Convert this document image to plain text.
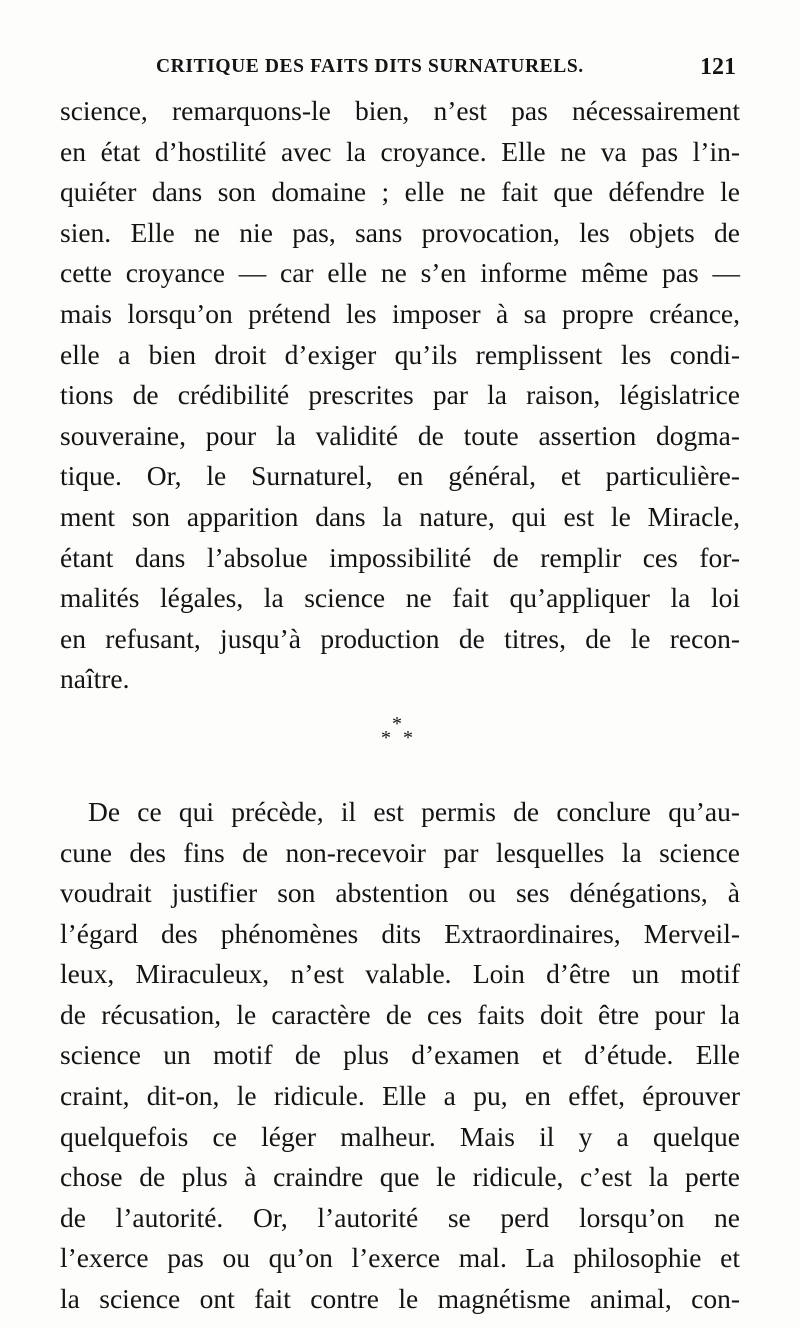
CRITIQUE DES FAITS DITS SURNATURELS.	121
science, remarquons-le bien, n’est pas nécessairement
en état d’hostilité avec la croyance. Elle ne va pas l’in-
quiéter dans son domaine ; elle ne fait que défendre le
sien. Elle ne nie pas, sans provocation, les objets de
cette croyance — car elle ne s’en informe même pas —
mais lorsqu’on prétend les imposer à sa propre créance,
elle a bien droit d’exiger qu’ils remplissent les condi-
tions de crédibilité prescrites par la raison, législatrice
souveraine, pour la validité de toute assertion dogma-
tique. Or, le Surnaturel, en général, et particulière-
ment son apparition dans la nature, qui est le Miracle,
étant dans l’absolue impossibilité de remplir ces for-
malités légales, la science ne fait qu’appliquer la loi
en refusant, jusqu’à production de titres, de le recon-
naître.
*
* *
De ce qui précède, il est permis de conclure qu’au-
cune des fins de non-recevoir par lesquelles la science
voudrait justifier son abstention ou ses dénégations, à
l’égard des phénomènes dits Extraordinaires, Merveil-
leux, Miraculeux, n’est valable. Loin d’être un motif
de récusation, le caractère de ces faits doit être pour la
science un motif de plus d’examen et d’étude. Elle
craint, dit-on, le ridicule. Elle a pu, en effet, éprouver
quelquefois ce léger malheur. Mais il y a quelque
chose de plus à craindre que le ridicule, c’est la perte
de l’autorité. Or, l’autorité se perd lorsqu’on ne
l’exerce pas ou qu’on l’exerce mal. La philosophie et
la science ont fait contre le magnétisme animal, con-
